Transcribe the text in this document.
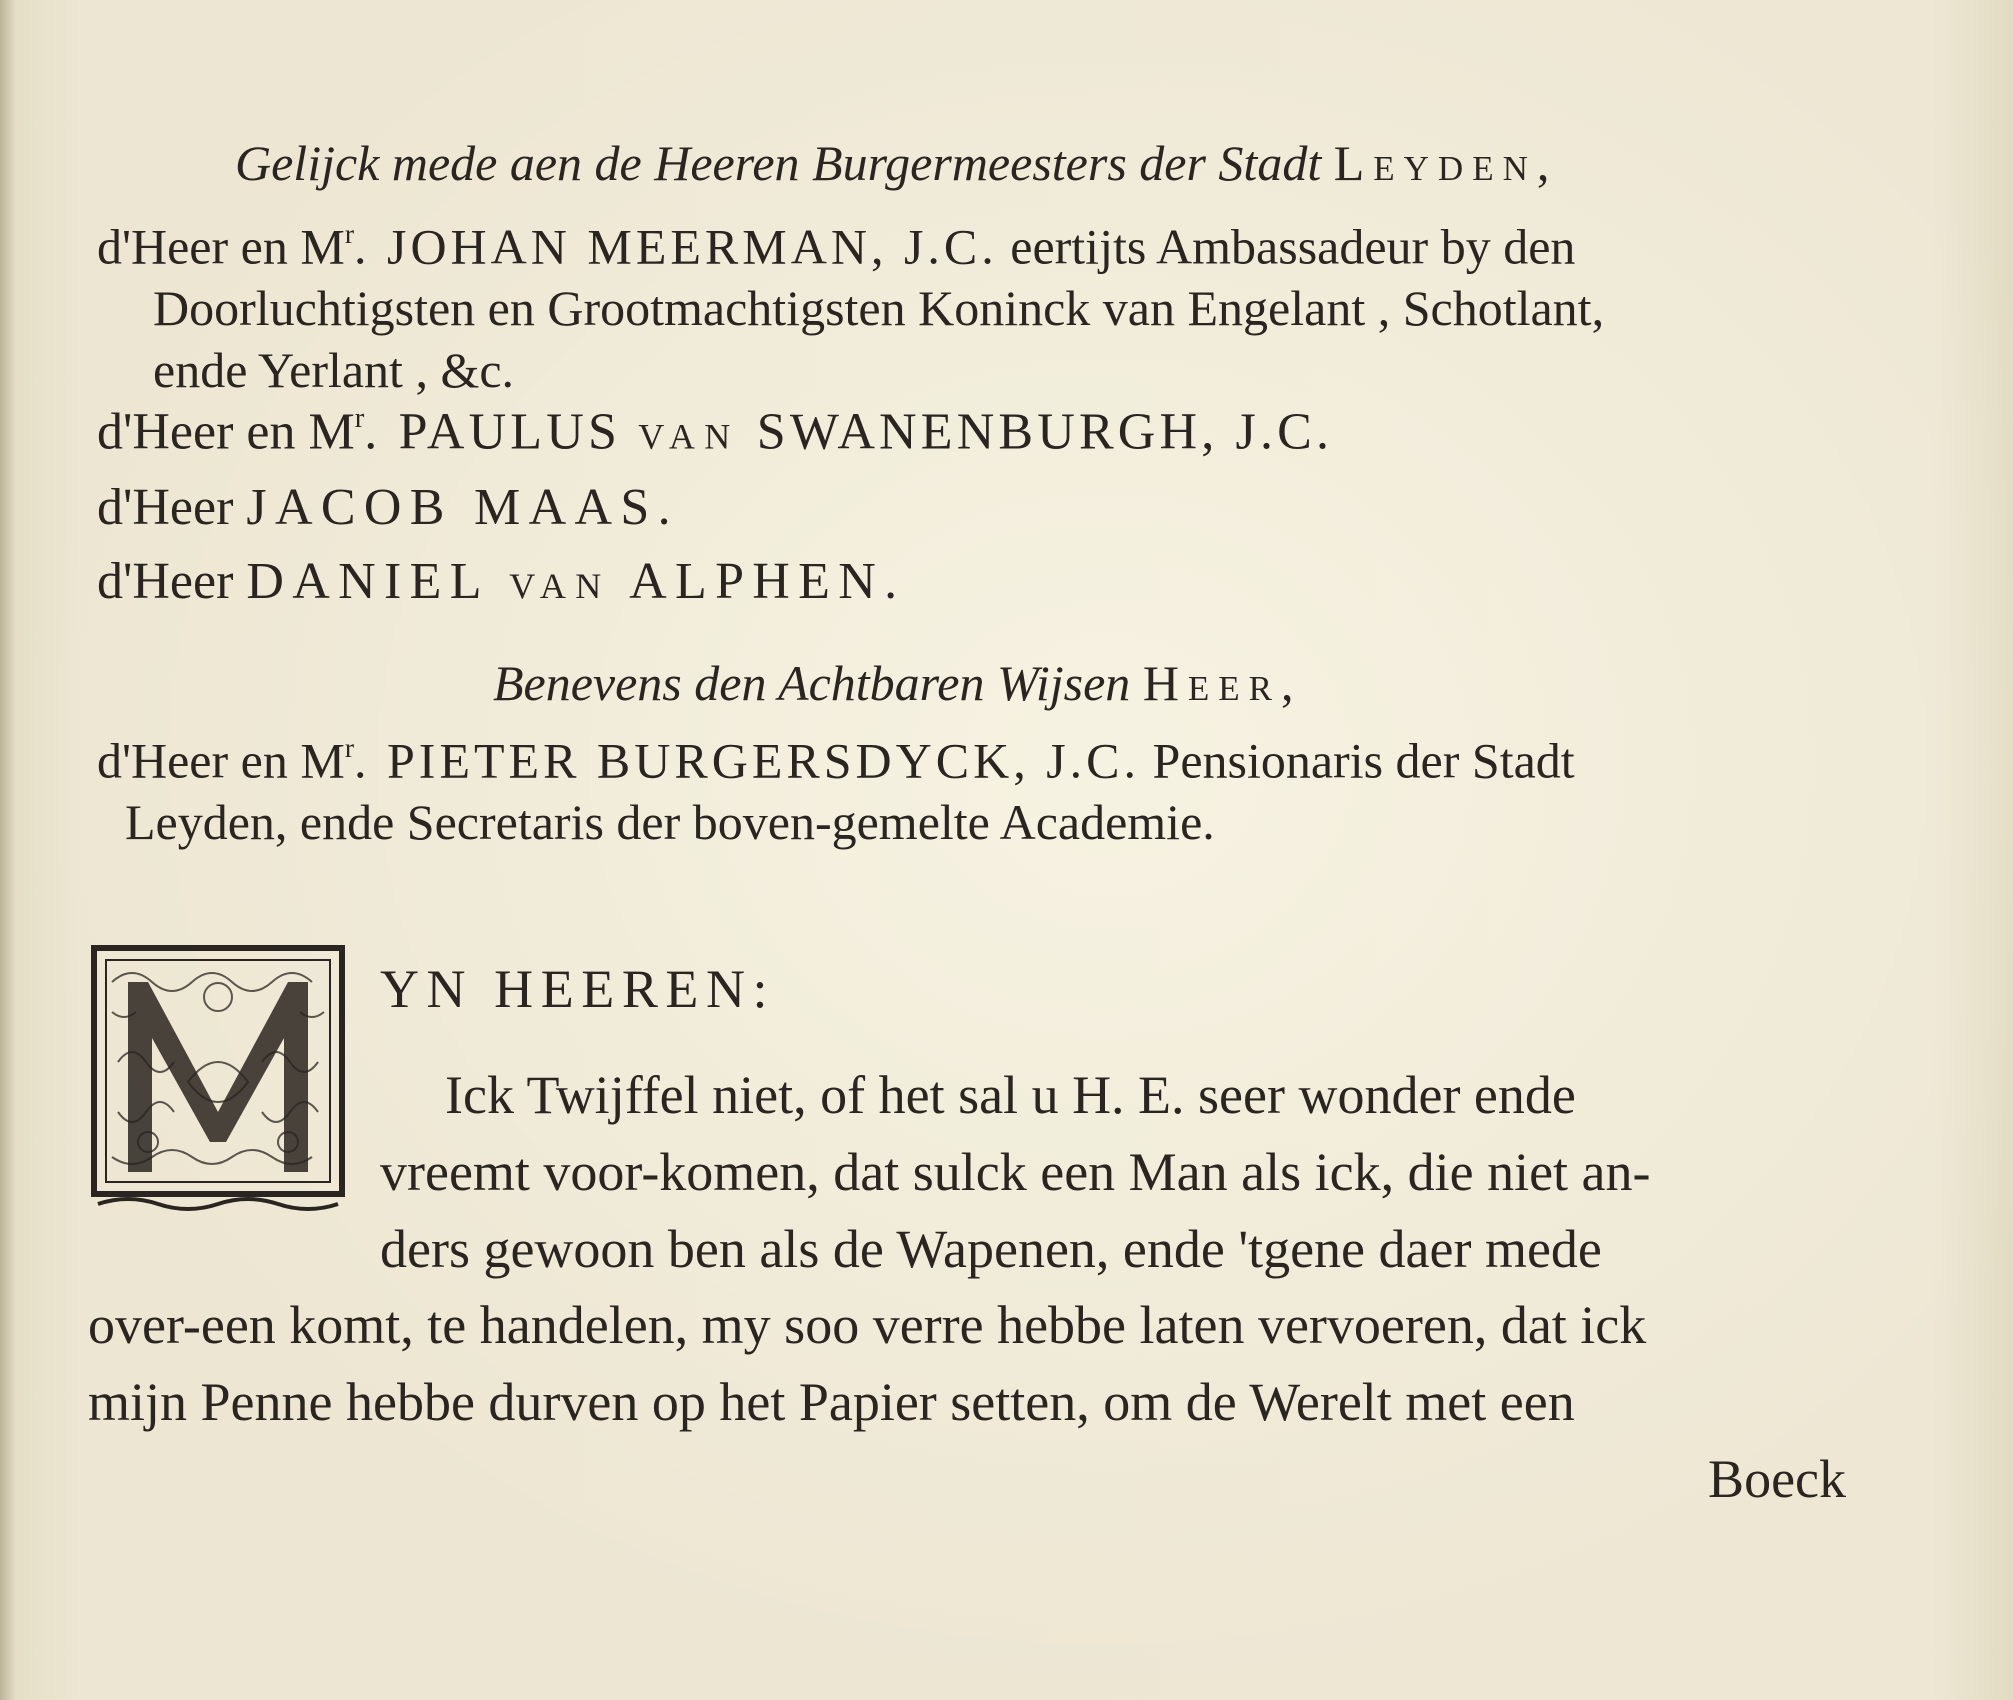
Gelijck mede aen de Heeren Burgermeesters der Stadt Leyden,
d'Heer en $M^r$. JOHAN MEERMAN, J.C. eertijts Ambassadeur by den
Doorluchtigsten en Grootmachtigsten Koninck van Engelant , Schotlant,
ende Yerlant , &c.
d'Heer en $M^r$. PAULUS van SWANENBURGH, J.C.
d'Heer JACOB MAAS.
d'Heer DANIEL van ALPHEN.
Benevens den Achtbaren Wijsen Heer,
d'Heer en $M^r$. PIETER BURGERSDYCK, J.C. Pensionaris der Stadt
Leyden, ende Secretaris der boven-gemelte Academie.
YN HEEREN:
Ick Twijffel niet, of het sal u H. E. seer wonder ende
vreemt voor-komen, dat sulck een Man als ick, die niet an-
ders gewoon ben als de Wapenen, ende 'tgene daer mede
over-een komt, te handelen, my soo verre hebbe laten vervoeren, dat ick
mijn Penne hebbe durven op het Papier setten, om de Werelt met een
Boeck
